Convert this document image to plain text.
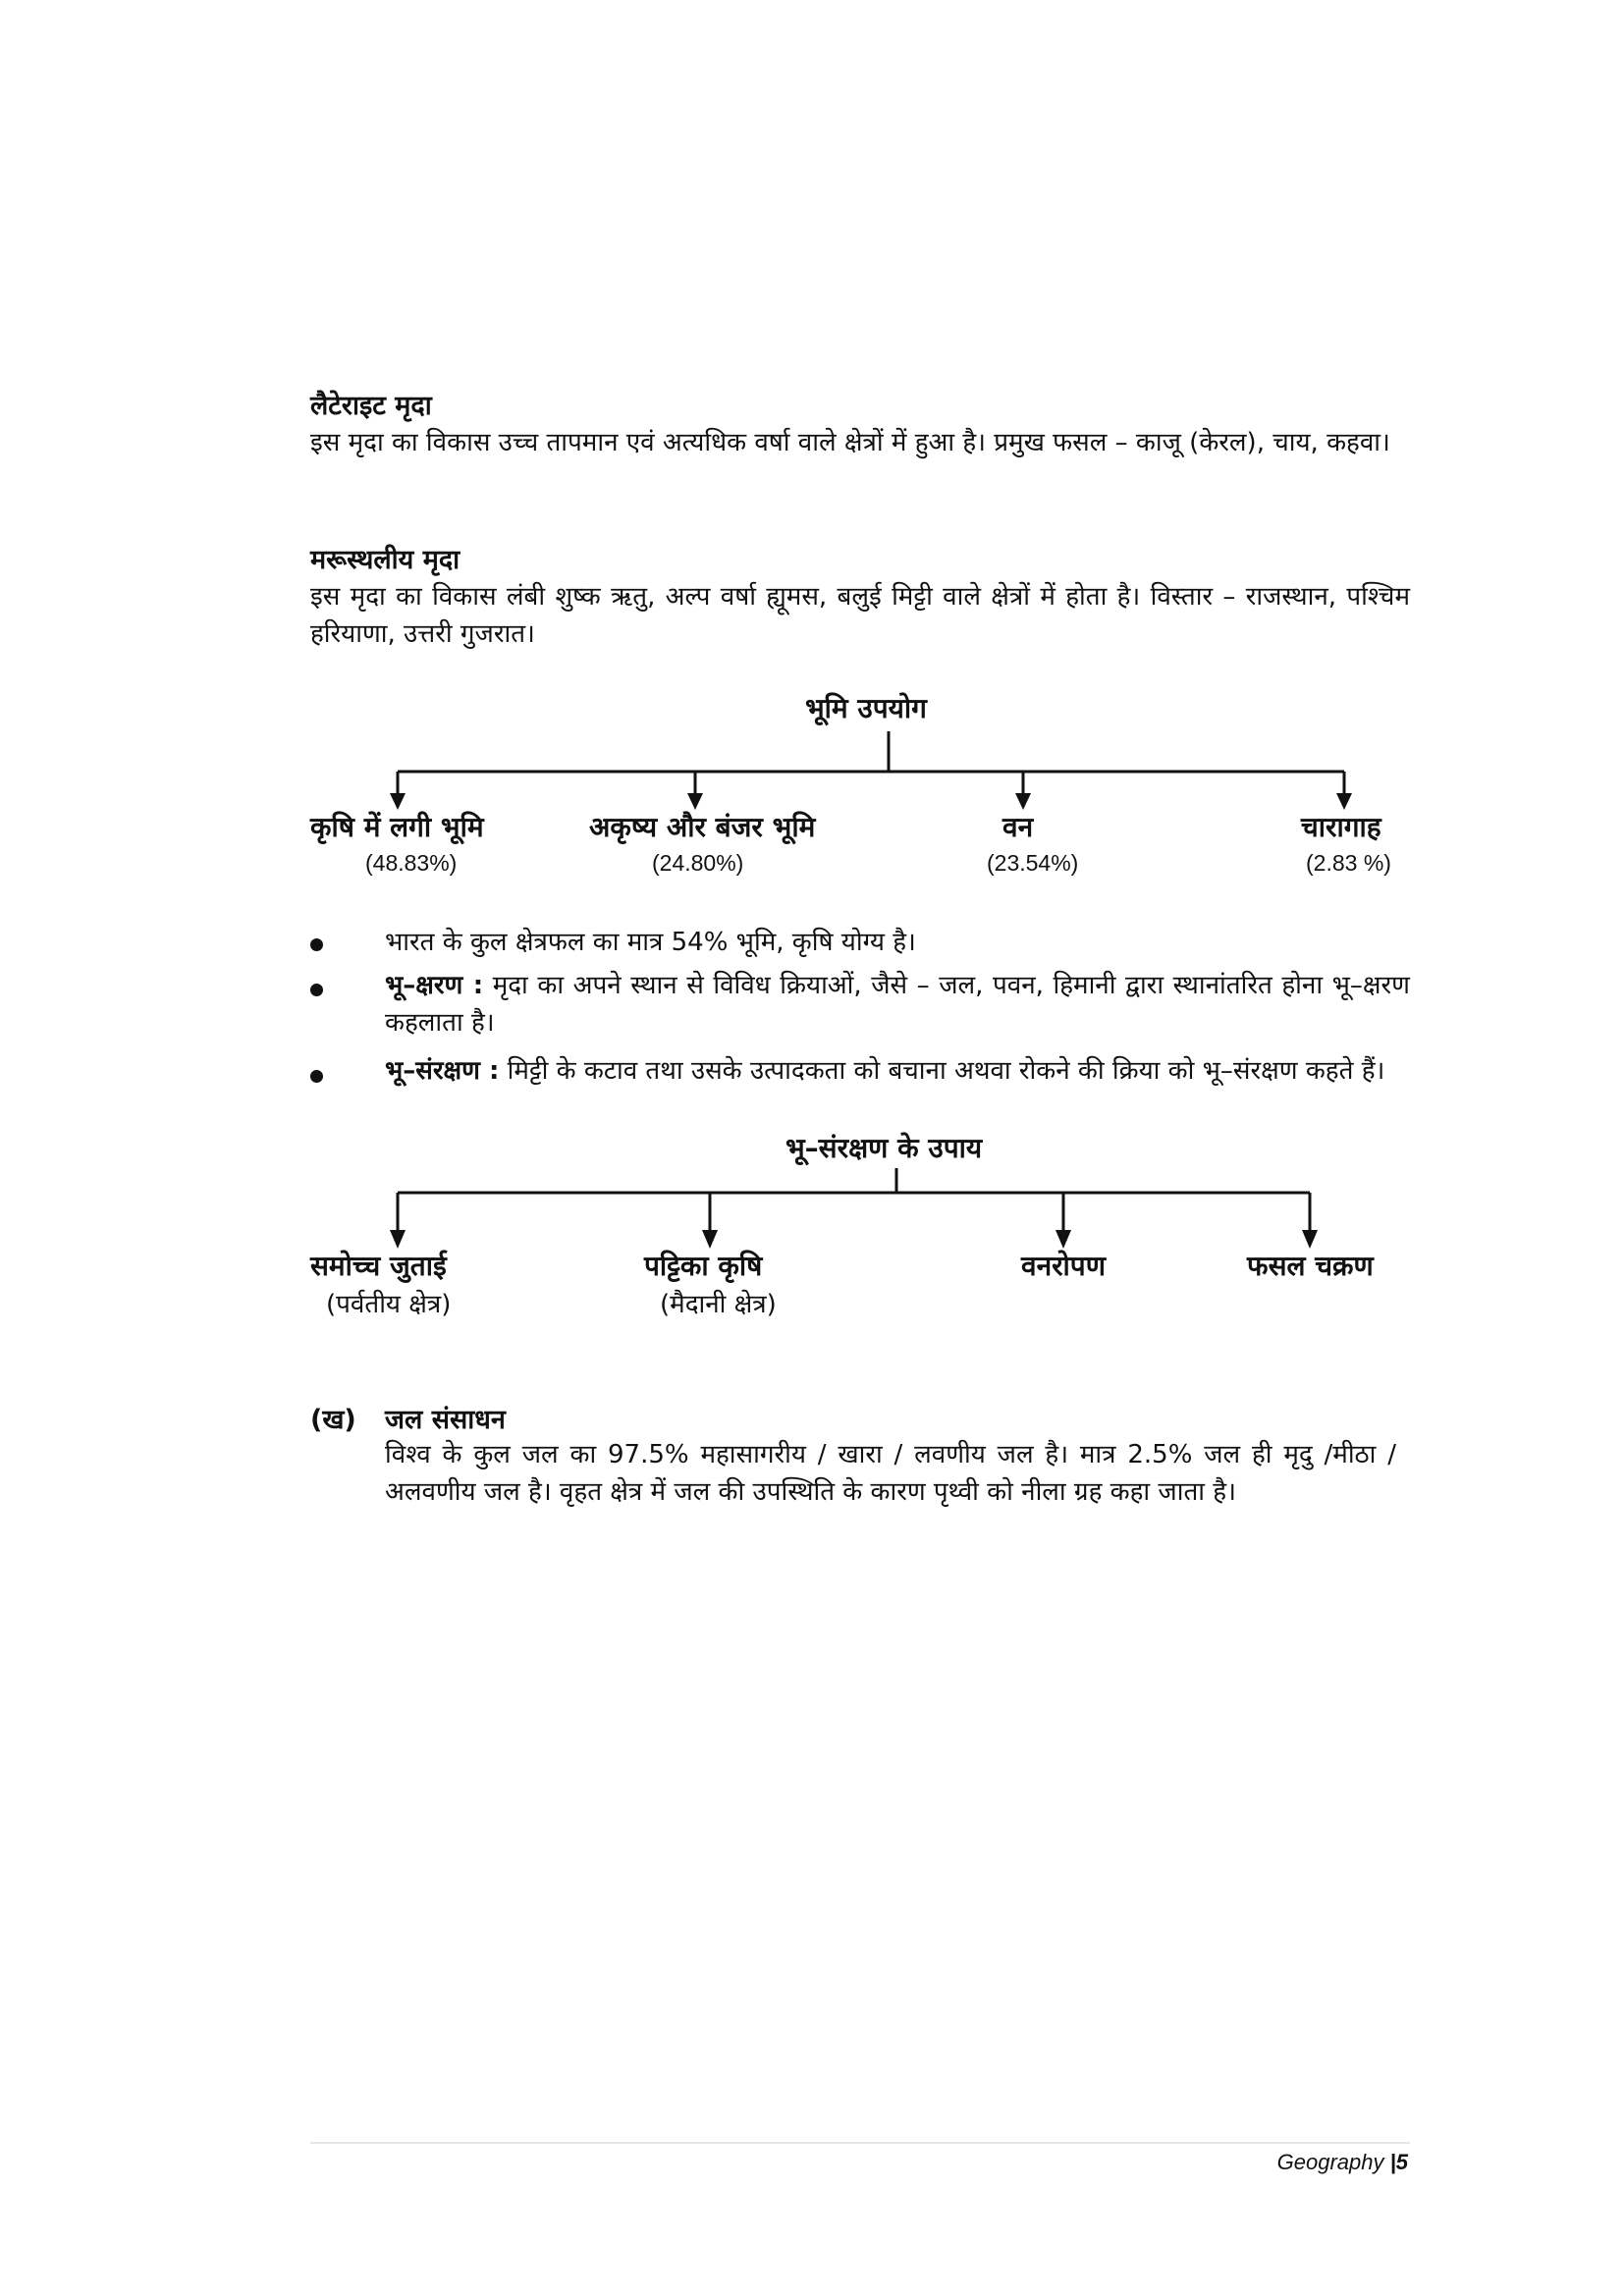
लैटेराइट मृदा
इस मृदा का विकास उच्च तापमान एवं अत्यधिक वर्षा वाले क्षेत्रों में हुआ है। प्रमुख फसल – काजू (केरल), चाय, कहवा।
मरूस्थलीय मृदा
इस मृदा का विकास लंबी शुष्क ऋतु, अल्प वर्षा ह्यूमस, बलुई मिट्टी वाले क्षेत्रों में होता है। विस्तार – राजस्थान, पश्चिम हरियाणा, उत्तरी गुजरात।
भूमि उपयोग
कृषि में लगी भूमि
(48.83%)
अकृष्य और बंजर भूमि
(24.80%)
वन
(23.54%)
चारागाह
(2.83 %)
भारत के कुल क्षेत्रफल का मात्र 54% भूमि, कृषि योग्य है।
भू–क्षरण : मृदा का अपने स्थान से विविध क्रियाओं, जैसे – जल, पवन, हिमानी द्वारा स्थानांतरित होना भू–क्षरण कहलाता है।
भू–संरक्षण : मिट्टी के कटाव तथा उसके उत्पादकता को बचाना अथवा रोकने की क्रिया को भू–संरक्षण कहते हैं।
भू–संरक्षण के उपाय
समोच्च जुताई
(पर्वतीय क्षेत्र)
पट्टिका कृषि
(मैदानी क्षेत्र)
वनरोपण	फसल चक्रण
(ख) जल संसाधन
विश्व के कुल जल का 97.5% महासागरीय / खारा / लवणीय जल है। मात्र 2.5% जल ही मृदु /मीठा / अलवणीय जल है। वृहत क्षेत्र में जल की उपस्थिति के कारण पृथ्वी को नीला ग्रह कहा जाता है।
Geography |5
